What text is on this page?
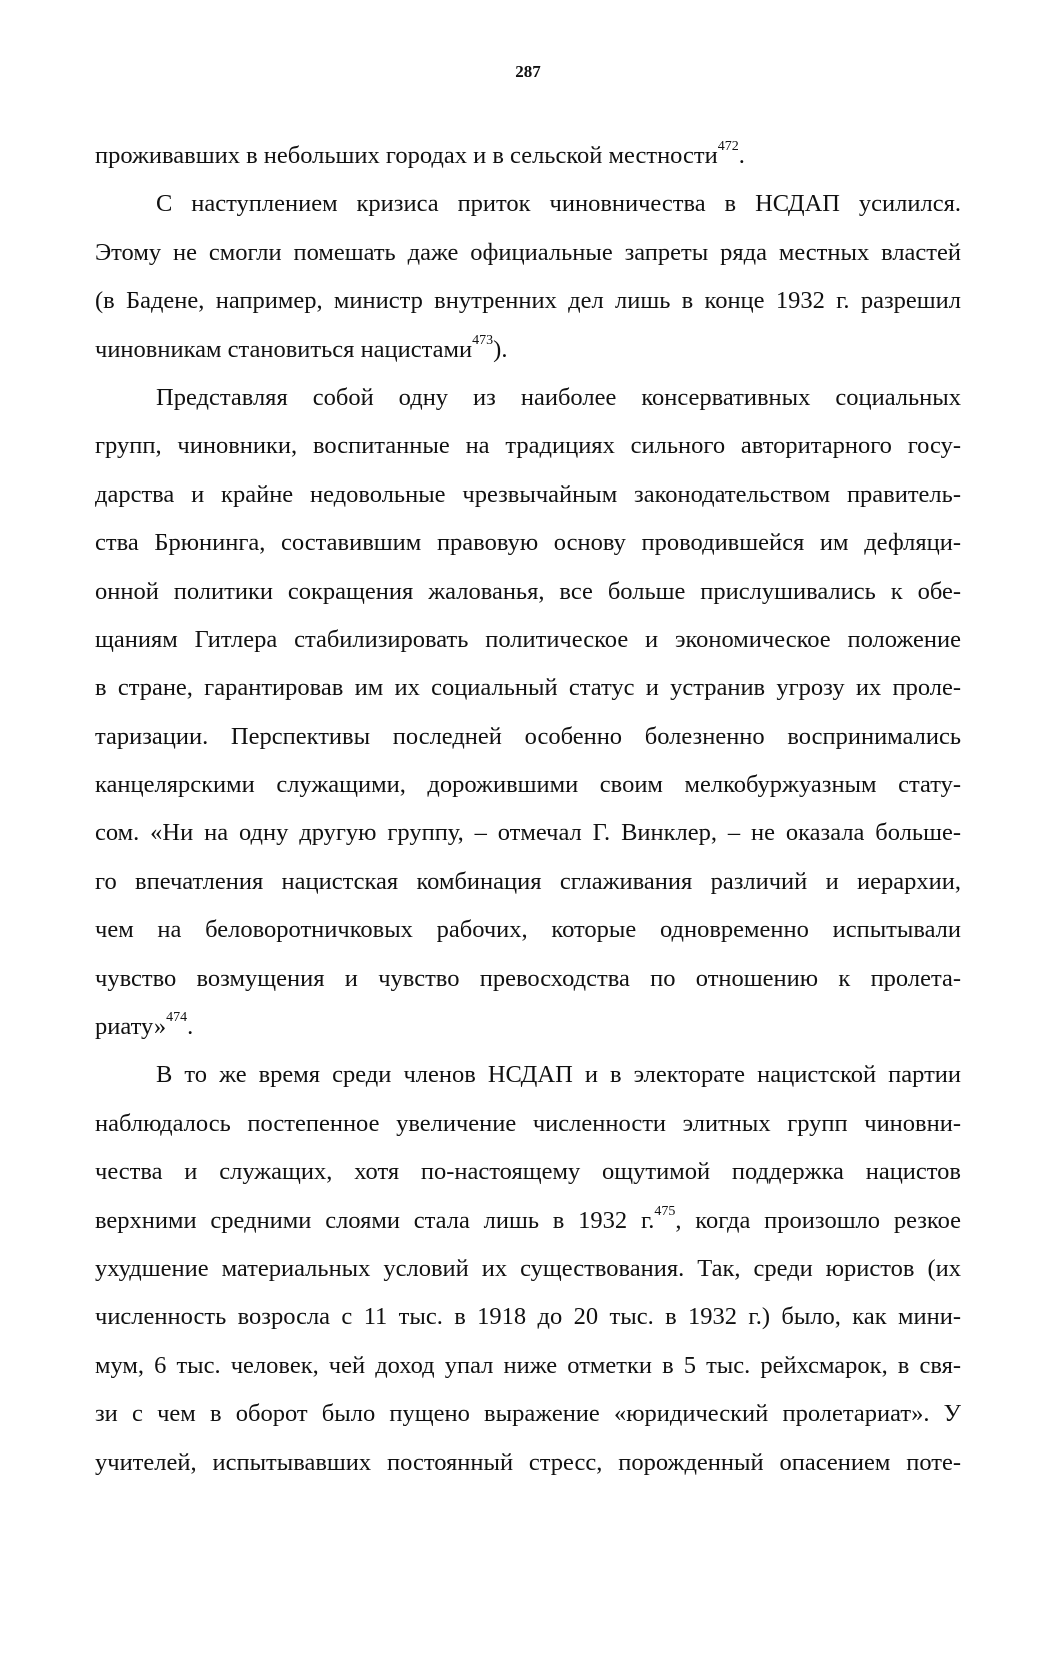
287
проживавших в небольших городах и в сельской местности$^{472}$.
С наступлением кризиса приток чиновничества в НСДАП усилился.
Этому не смогли помешать даже официальные запреты ряда местных властей
(в Бадене, например, министр внутренних дел лишь в конце 1932 г. разрешил
чиновникам становиться нацистами$^{473}$).
Представляя собой одну из наиболее консервативных социальных
групп, чиновники, воспитанные на традициях сильного авторитарного госу-
дарства и крайне недовольные чрезвычайным законодательством правитель-
ства Брюнинга, составившим правовую основу проводившейся им дефляци-
онной политики сокращения жалованья, все больше прислушивались к обе-
щаниям Гитлера стабилизировать политическое и экономическое положение
в стране, гарантировав им их социальный статус и устранив угрозу их проле-
таризации. Перспективы последней особенно болезненно воспринимались
канцелярскими служащими, дорожившими своим мелкобуржуазным стату-
сом. «Ни на одну другую группу, – отмечал Г. Винклер, – не оказала больше-
го впечатления нацистская комбинация сглаживания различий и иерархии,
чем на беловоротничковых рабочих, которые одновременно испытывали
чувство возмущения и чувство превосходства по отношению к пролета-
риату»$^{474}$.
В то же время среди членов НСДАП и в электорате нацистской партии
наблюдалось постепенное увеличение численности элитных групп чиновни-
чества и служащих, хотя по-настоящему ощутимой поддержка нацистов
верхними средними слоями стала лишь в 1932 г.$^{475}$, когда произошло резкое
ухудшение материальных условий их существования. Так, среди юристов (их
численность возросла с 11 тыс. в 1918 до 20 тыс. в 1932 г.) было, как мини-
мум, 6 тыс. человек, чей доход упал ниже отметки в 5 тыс. рейхсмарок, в свя-
зи с чем в оборот было пущено выражение «юридический пролетариат». У
учителей, испытывавших постоянный стресс, порожденный опасением поте-
